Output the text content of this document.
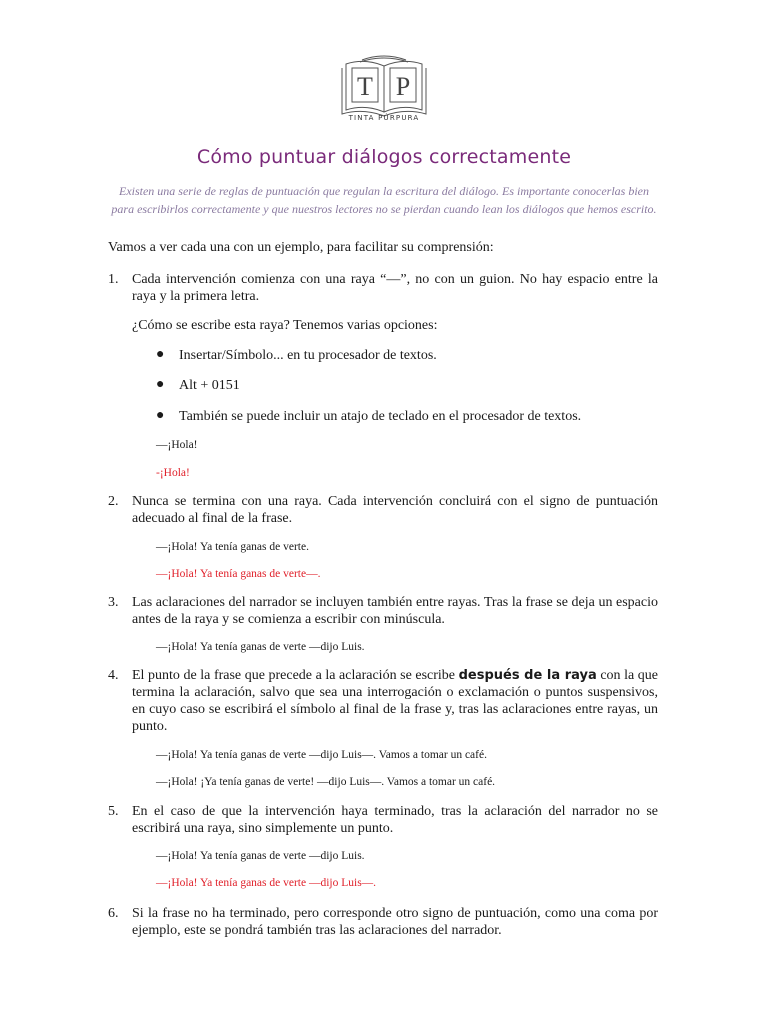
T P
TINTA PÚRPURA
Cómo puntuar diálogos correctamente
Existen una serie de reglas de puntuación que regulan la escritura del diálogo. Es importante conocerlas bien para escribirlos correctamente y que nuestros lectores no se pierdan cuando lean los diálogos que hemos escrito.
Vamos a ver cada una con un ejemplo, para facilitar su comprensión:
1. Cada intervención comienza con una raya “—”, no con un guion. No hay espacio entre la raya y la primera letra.
¿Cómo se escribe esta raya? Tenemos varias opciones:
● Insertar/Símbolo... en tu procesador de textos.
● Alt + 0151
● También se puede incluir un atajo de teclado en el procesador de textos.
—¡Hola!
-¡Hola!
2. Nunca se termina con una raya. Cada intervención concluirá con el signo de puntuación adecuado al final de la frase.
—¡Hola! Ya tenía ganas de verte.
—¡Hola! Ya tenía ganas de verte—.
3. Las aclaraciones del narrador se incluyen también entre rayas. Tras la frase se deja un espacio antes de la raya y se comienza a escribir con minúscula.
—¡Hola! Ya tenía ganas de verte —dijo Luis.
4. El punto de la frase que precede a la aclaración se escribe después de la raya con la que termina la aclaración, salvo que sea una interrogación o exclamación o puntos suspensivos, en cuyo caso se escribirá el símbolo al final de la frase y, tras las aclaraciones entre rayas, un punto.
—¡Hola! Ya tenía ganas de verte —dijo Luis—. Vamos a tomar un café.
—¡Hola! ¡Ya tenía ganas de verte! —dijo Luis—. Vamos a tomar un café.
5. En el caso de que la intervención haya terminado, tras la aclaración del narrador no se escribirá una raya, sino simplemente un punto.
—¡Hola! Ya tenía ganas de verte —dijo Luis.
—¡Hola! Ya tenía ganas de verte —dijo Luis—.
6. Si la frase no ha terminado, pero corresponde otro signo de puntuación, como una coma por ejemplo, este se pondrá también tras las aclaraciones del narrador.
